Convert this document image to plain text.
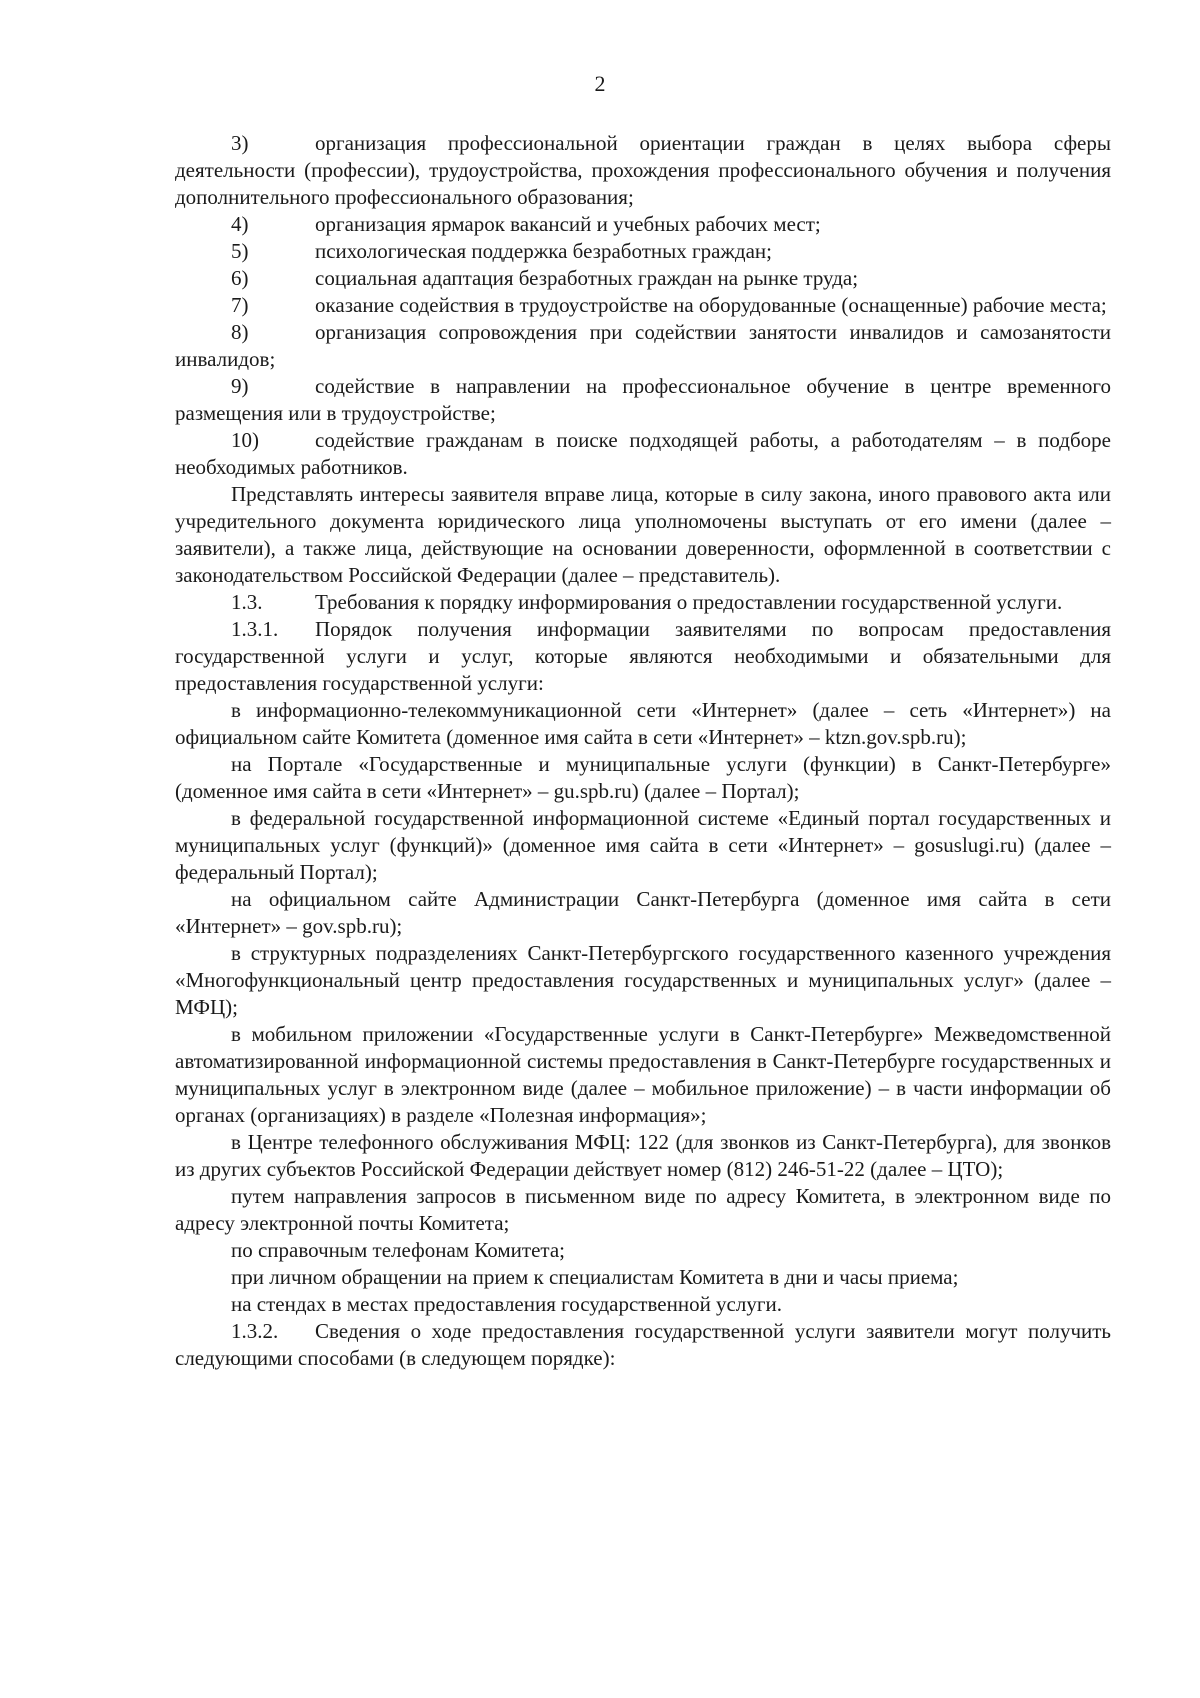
2

3)	организация профессиональной ориентации граждан в целях выбора сферы деятельности (профессии), трудоустройства, прохождения профессионального обучения и получения дополнительного профессионального образования;

4)	организация ярмарок вакансий и учебных рабочих мест;

5)	психологическая поддержка безработных граждан;

6)	социальная адаптация безработных граждан на рынке труда;

7)	оказание содействия в трудоустройстве на оборудованные (оснащенные) рабочие места;

8)	организация сопровождения при содействии занятости инвалидов и самозанятости инвалидов;

9)	содействие в направлении на профессиональное обучение в центре временного размещения или в трудоустройстве;

10)	содействие гражданам в поиске подходящей работы, а работодателям – в подборе необходимых работников.

Представлять интересы заявителя вправе лица, которые в силу закона, иного правового акта или учредительного документа юридического лица уполномочены выступать от его имени (далее – заявители), а также лица, действующие на основании доверенности, оформленной в соответствии с законодательством Российской Федерации (далее – представитель).

1.3.	Требования к порядку информирования о предоставлении государственной услуги.

1.3.1. Порядок получения информации заявителями по вопросам предоставления государственной услуги и услуг, которые являются необходимыми и обязательными для предоставления государственной услуги:

в информационно-телекоммуникационной сети «Интернет» (далее – сеть «Интернет») на официальном сайте Комитета (доменное имя сайта в сети «Интернет» – ktzn.gov.spb.ru);

на Портале «Государственные и муниципальные услуги (функции) в Санкт-Петербурге» (доменное имя сайта в сети «Интернет» – gu.spb.ru) (далее – Портал);

в федеральной государственной информационной системе «Единый портал государственных и муниципальных услуг (функций)» (доменное имя сайта в сети «Интернет» – gosuslugi.ru) (далее – федеральный Портал);

на официальном сайте Администрации Санкт-Петербурга (доменное имя сайта в сети «Интернет» – gov.spb.ru);

в структурных подразделениях Санкт-Петербургского государственного казенного учреждения «Многофункциональный центр предоставления государственных и муниципальных услуг» (далее – МФЦ);

в мобильном приложении «Государственные услуги в Санкт-Петербурге» Межведомственной автоматизированной информационной системы предоставления в Санкт-Петербурге государственных и муниципальных услуг в электронном виде (далее – мобильное приложение) – в части информации об органах (организациях) в разделе «Полезная информация»;

в Центре телефонного обслуживания МФЦ: 122 (для звонков из Санкт-Петербурга), для звонков из других субъектов Российской Федерации действует номер (812) 246-51-22 (далее – ЦТО);

путем направления запросов в письменном виде по адресу Комитета, в электронном виде по адресу электронной почты Комитета;

по справочным телефонам Комитета;

при личном обращении на прием к специалистам Комитета в дни и часы приема;

на стендах в местах предоставления государственной услуги.

1.3.2. Сведения о ходе предоставления государственной услуги заявители могут получить следующими способами (в следующем порядке):
